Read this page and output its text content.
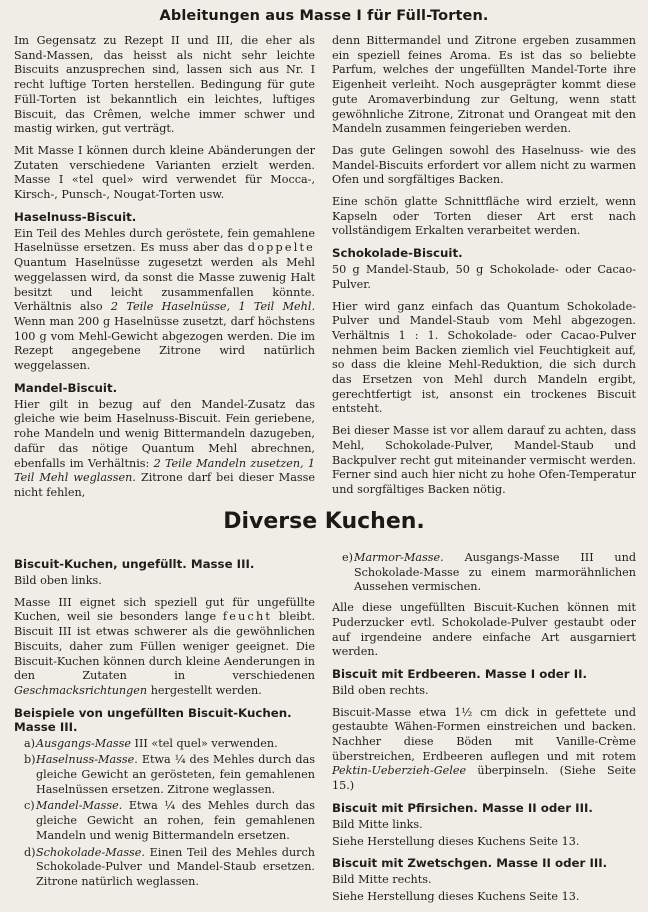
Ableitungen aus Masse I für Füll-Torten.

Im Gegensatz zu Rezept II und III, die eher als Sand-Massen, das heisst als nicht sehr leichte Biscuits anzusprechen sind, lassen sich aus Nr. I recht luftige Torten herstellen. Bedingung für gute Füll-Torten ist bekanntlich ein leichtes, luftiges Biscuit, das Crêmen, welche immer schwer und mastig wirken, gut verträgt.

Mit Masse I können durch kleine Abänderungen der Zutaten verschiedene Varianten erzielt werden. Masse I «tel quel» wird verwendet für Mocca-, Kirsch-, Punsch-, Nougat-Torten usw.

Haselnuss-Biscuit.

Ein Teil des Mehles durch geröstete, fein gemahlene Haselnüsse ersetzen. Es muss aber das doppelte Quantum Haselnüsse zugesetzt werden als Mehl weggelassen wird, da sonst die Masse zuwenig Halt besitzt und leicht zusammenfallen könnte. Verhältnis also 2 Teile Haselnüsse, 1 Teil Mehl. Wenn man 200 g Haselnüsse zusetzt, darf höchstens 100 g vom Mehl-Gewicht abgezogen werden. Die im Rezept angegebene Zitrone wird natürlich weggelassen.

Mandel-Biscuit.

Hier gilt in bezug auf den Mandel-Zusatz das gleiche wie beim Haselnuss-Biscuit. Fein geriebene, rohe Mandeln und wenig Bittermandeln dazugeben, dafür das nötige Quantum Mehl abrechnen, ebenfalls im Verhältnis: 2 Teile Mandeln zusetzen, 1 Teil Mehl weglassen. Zitrone darf bei dieser Masse nicht fehlen,

denn Bittermandel und Zitrone ergeben zusammen ein speziell feines Aroma. Es ist das so beliebte Parfum, welches der ungefüllten Mandel-Torte ihre Eigenheit verleiht. Noch ausgeprägter kommt diese gute Aromaverbindung zur Geltung, wenn statt gewöhnliche Zitrone, Zitronat und Orangeat mit den Mandeln zusammen feingerieben werden.

Das gute Gelingen sowohl des Haselnuss- wie des Mandel-Biscuits erfordert vor allem nicht zu warmen Ofen und sorgfältiges Backen.

Eine schön glatte Schnittfläche wird erzielt, wenn Kapseln oder Torten dieser Art erst nach vollständigem Erkalten verarbeitet werden.

Schokolade-Biscuit.

50 g Mandel-Staub, 50 g Schokolade- oder Cacao-Pulver.

Hier wird ganz einfach das Quantum Schokolade-Pulver und Mandel-Staub vom Mehl abgezogen. Verhältnis 1 : 1. Schokolade- oder Cacao-Pulver nehmen beim Backen ziemlich viel Feuchtigkeit auf, so dass die kleine Mehl-Reduktion, die sich durch das Ersetzen von Mehl durch Mandeln ergibt, gerechtfertigt ist, ansonst ein trockenes Biscuit entsteht.

Bei dieser Masse ist vor allem darauf zu achten, dass Mehl, Schokolade-Pulver, Mandel-Staub und Backpulver recht gut miteinander vermischt werden. Ferner sind auch hier nicht zu hohe Ofen-Temperatur und sorgfältiges Backen nötig.

Diverse Kuchen.
Biscuit-Kuchen, ungefüllt. Masse III.

Bild oben links.

Masse III eignet sich speziell gut für ungefüllte Kuchen, weil sie besonders lange feucht bleibt. Biscuit III ist etwas schwerer als die gewöhnlichen Biscuits, daher zum Füllen weniger geeignet. Die Biscuit-Kuchen können durch kleine Aenderungen in den Zutaten in verschiedenen Geschmacksrichtungen hergestellt werden.

Beispiele von ungefüllten Biscuit-Kuchen. Masse III.
a) Ausgangs-Masse III «tel quel» verwenden.
b) Haselnuss-Masse. Etwa ¼ des Mehles durch das gleiche Gewicht an gerösteten, fein gemahlenen Haselnüssen ersetzen. Zitrone weglassen.
c) Mandel-Masse. Etwa ¼ des Mehles durch das gleiche Gewicht an rohen, fein gemahlenen Mandeln und wenig Bittermandeln ersetzen.
d) Schokolade-Masse. Einen Teil des Mehles durch Schokolade-Pulver und Mandel-Staub ersetzen. Zitrone natürlich weglassen.
e) Marmor-Masse. Ausgangs-Masse III und Schokolade-Masse zu einem marmorähnlichen Aussehen vermischen.

Alle diese ungefüllten Biscuit-Kuchen können mit Puderzucker evtl. Schokolade-Pulver gestaubt oder auf irgendeine andere einfache Art ausgarniert werden.

Biscuit mit Erdbeeren. Masse I oder II.

Bild oben rechts.

Biscuit-Masse etwa 1½ cm dick in gefettete und gestaubte Wähen-Formen einstreichen und backen. Nachher diese Böden mit Vanille-Crème überstreichen, Erdbeeren auflegen und mit rotem Pektin-Ueberzieh-Gelee überpinseln. (Siehe Seite 15.)

Biscuit mit Pfirsichen. Masse II oder III.

Bild Mitte links.

Siehe Herstellung dieses Kuchens Seite 13.

Biscuit mit Zwetschgen. Masse II oder III.

Bild Mitte rechts.

Siehe Herstellung dieses Kuchens Seite 13.
